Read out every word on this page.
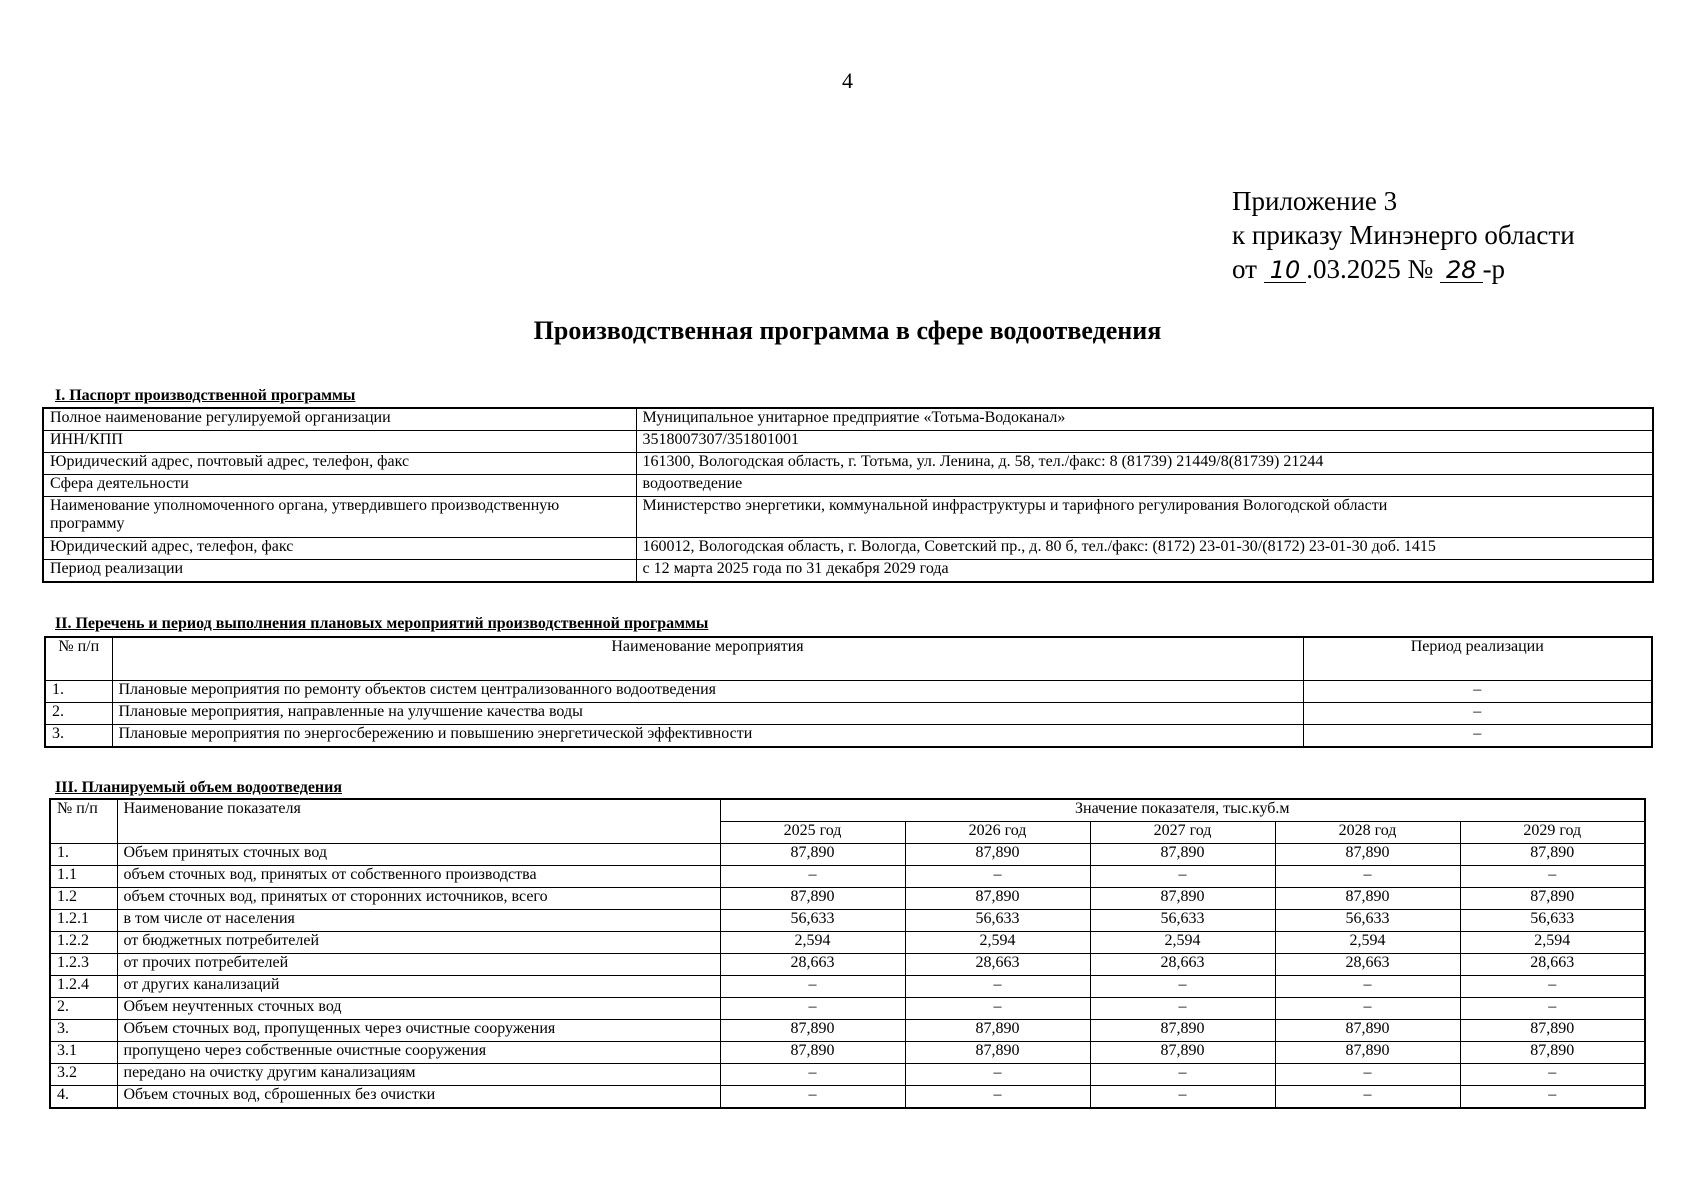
4
Приложение 3
к приказу Минэнерго области
от 10 .03.2025 № 28 -р
Производственная программа в сфере водоотведения
I. Паспорт производственной программы
Полное наименование регулируемой организации	Муниципальное унитарное предприятие «Тотьма-Водоканал»
ИНН/КПП	3518007307/351801001
Юридический адрес, почтовый адрес, телефон, факс	161300, Вологодская область, г. Тотьма, ул. Ленина, д. 58, тел./факс: 8 (81739) 21449/8(81739) 21244
Сфера деятельности	водоотведение
Наименование уполномоченного органа, утвердившего производственную программу	Министерство энергетики, коммунальной инфраструктуры и тарифного регулирования Вологодской области
Юридический адрес, телефон, факс	160012, Вологодская область, г. Вологда, Советский пр., д. 80 б, тел./факс: (8172) 23-01-30/(8172) 23-01-30 доб. 1415
Период реализации	с 12 марта 2025 года по 31 декабря 2029 года
II. Перечень и период выполнения плановых мероприятий производственной программы
№ п/п	Наименование мероприятия	Период реализации
1.	Плановые мероприятия по ремонту объектов систем централизованного водоотведения	–
2.	Плановые мероприятия, направленные на улучшение качества воды	–
3.	Плановые мероприятия по энергосбережению и повышению энергетической эффективности	–
III. Планируемый объем водоотведения
№ п/п	Наименование показателя	Значение показателя, тыс.куб.м				
		2025 год	2026 год	2027 год	2028 год	2029 год
1.	Объем принятых сточных вод	87,890	87,890	87,890	87,890	87,890
1.1	объем сточных вод, принятых от собственного производства	–	–	–	–	–
1.2	объем сточных вод, принятых от сторонних источников, всего	87,890	87,890	87,890	87,890	87,890
1.2.1	в том числе от населения	56,633	56,633	56,633	56,633	56,633
1.2.2	от бюджетных потребителей	2,594	2,594	2,594	2,594	2,594
1.2.3	от прочих потребителей	28,663	28,663	28,663	28,663	28,663
1.2.4	от других канализаций	–	–	–	–	–
2.	Объем неучтенных сточных вод	–	–	–	–	–
3.	Объем сточных вод, пропущенных через очистные сооружения	87,890	87,890	87,890	87,890	87,890
3.1	пропущено через собственные очистные сооружения	87,890	87,890	87,890	87,890	87,890
3.2	передано на очистку другим канализациям	–	–	–	–	–
4.	Объем сточных вод, сброшенных без очистки	–	–	–	–	–
